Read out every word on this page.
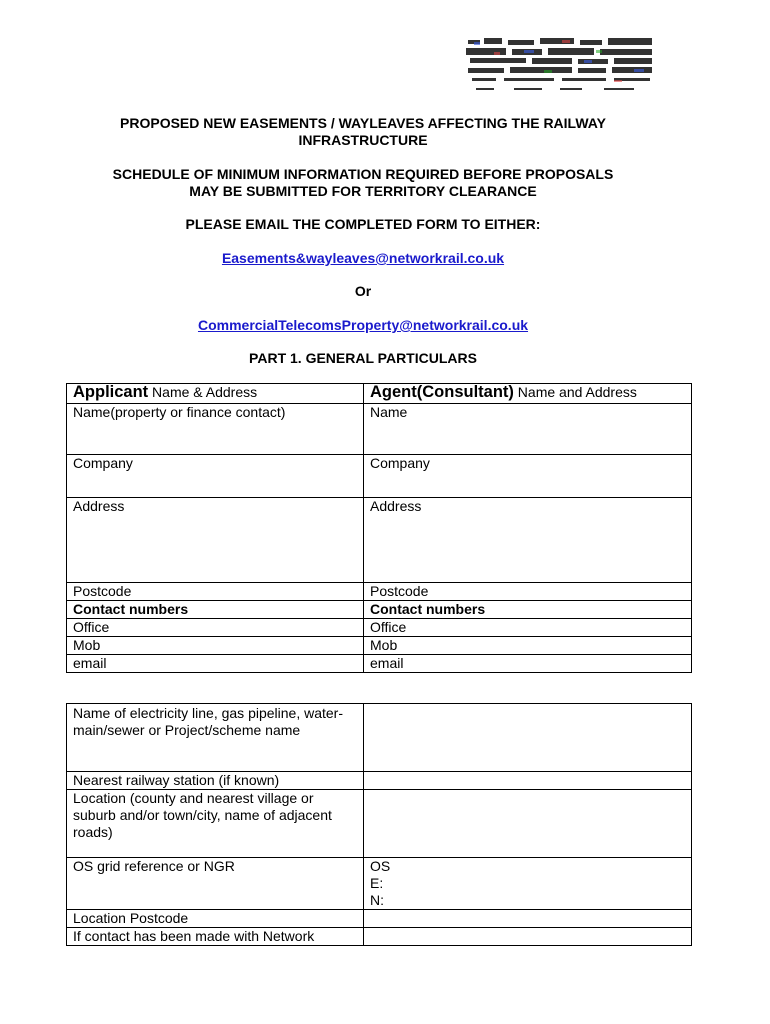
PROPOSED NEW EASEMENTS / WAYLEAVES AFFECTING THE RAILWAY
INFRASTRUCTURE
SCHEDULE OF MINIMUM INFORMATION REQUIRED BEFORE PROPOSALS
MAY BE SUBMITTED FOR TERRITORY CLEARANCE
PLEASE EMAIL THE COMPLETED FORM TO EITHER:
Easements&wayleaves@networkrail.co.uk
Or
CommercialTelecomsProperty@networkrail.co.uk
PART 1. GENERAL PARTICULARS
Applicant Name & Address	Agent(Consultant) Name and Address
Name(property or finance contact)	Name
Company	Company
Address	Address
Postcode	Postcode
Contact numbers	Contact numbers
Office	Office
Mob	Mob
email	email
Name of electricity line, gas pipeline, water-main/sewer or Project/scheme name	
Nearest railway station (if known)	
Location (county and nearest village or suburb and/or town/city, name of adjacent roads)	
OS grid reference or NGR	OS
E:
N:

Location Postcode	
If contact has been made with Network	
